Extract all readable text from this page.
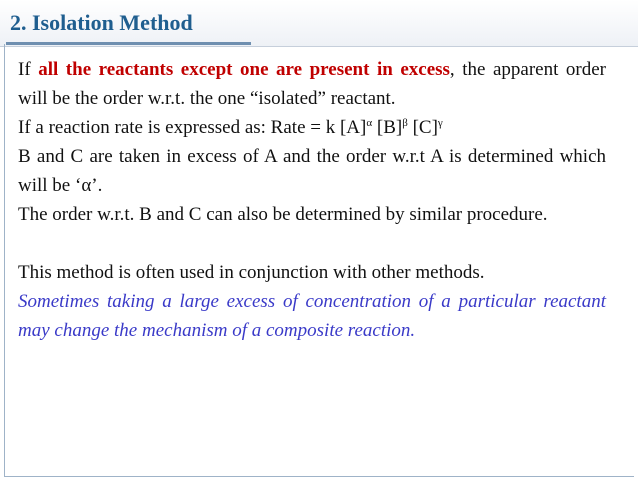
2. Isolation Method

If all the reactants except one are present in excess, the apparent order will be the order w.r.t. the one “isolated” reactant.

If a reaction rate is expressed as: Rate = k $[A]^\alpha$ $[B]^\beta$ $[C]^\gamma$

B and C are taken in excess of A and the order w.r.t A is determined which will be ‘α’.

The order w.r.t. B and C can also be determined by similar procedure.

This method is often used in conjunction with other methods.

Sometimes taking a large excess of concentration of a particular reactant may change the mechanism of a composite reaction.
